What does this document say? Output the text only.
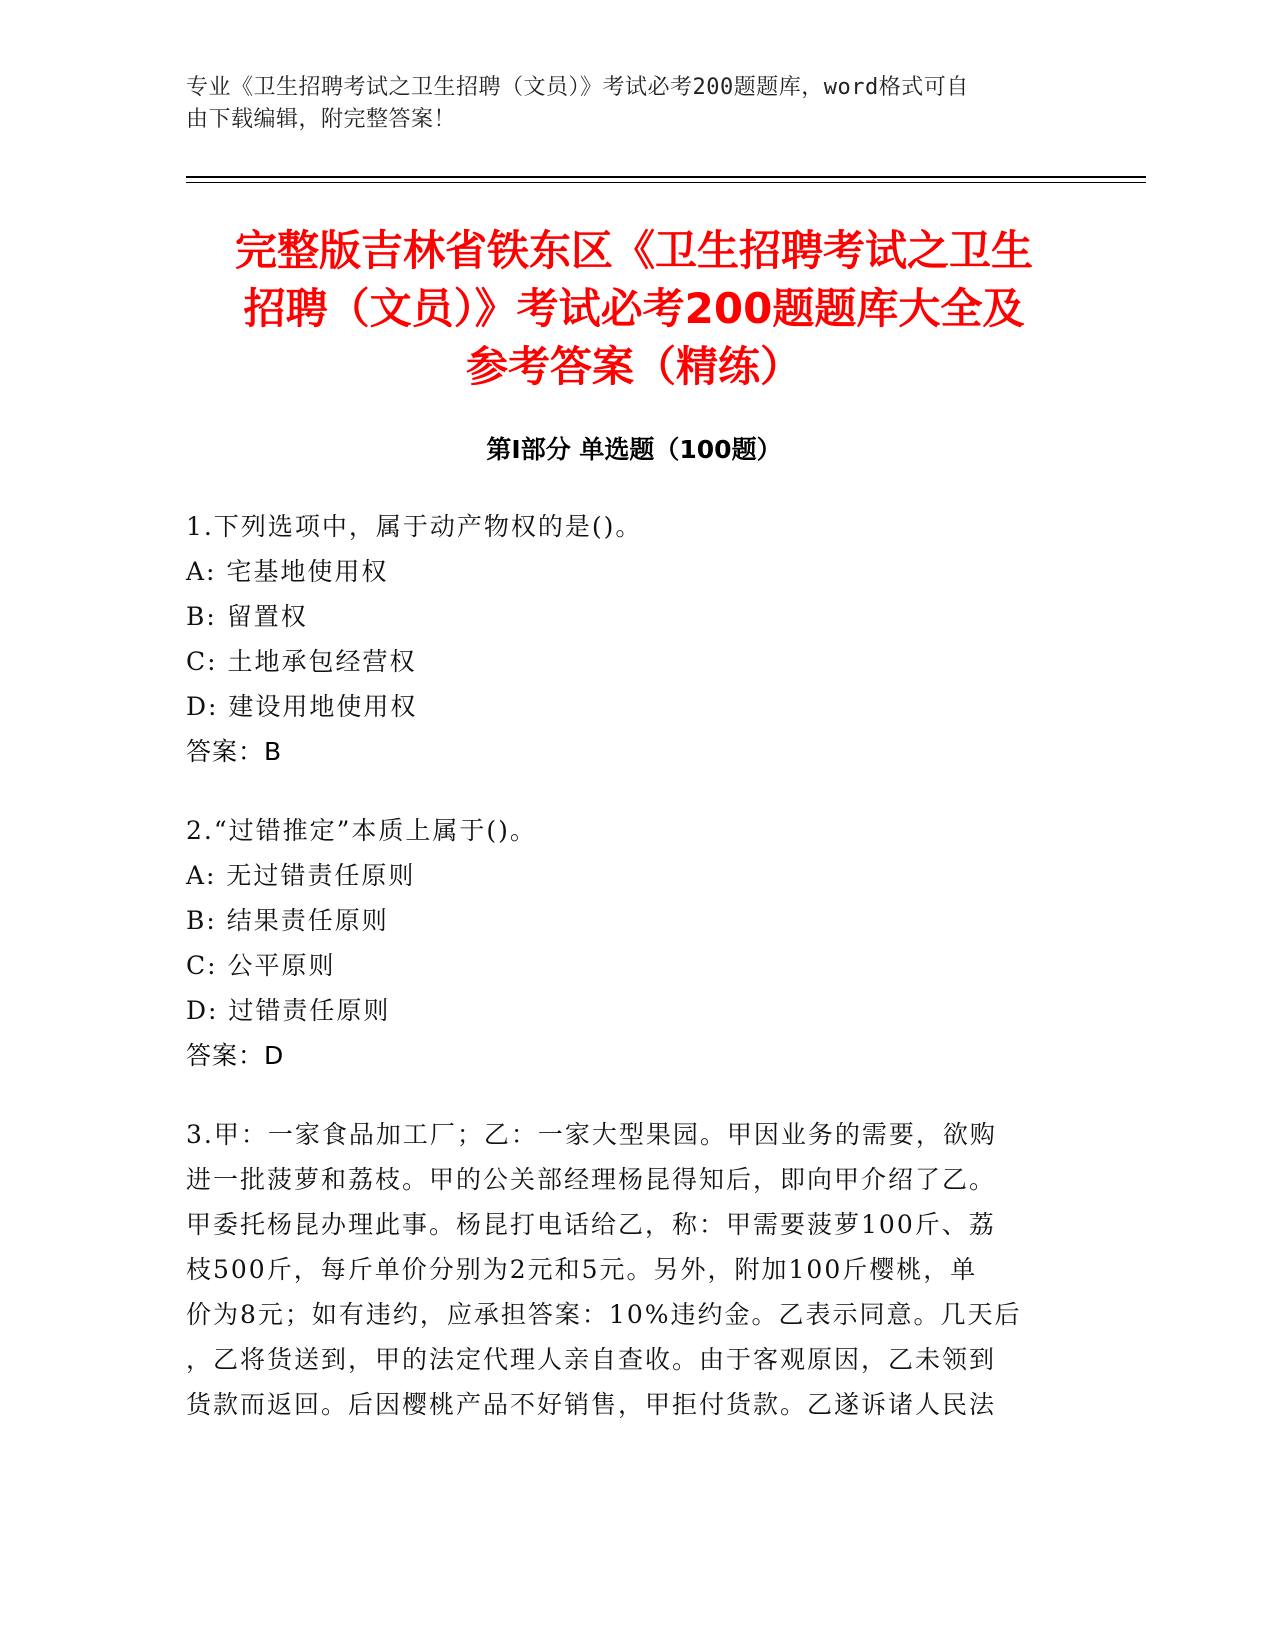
专业《卫生招聘考试之卫生招聘（文员）》考试必考200题题库，word格式可自
由下载编辑，附完整答案！
完整版吉林省铁东区《卫生招聘考试之卫生
招聘（文员）》考试必考200题题库大全及
参考答案（精练）
第Ⅰ部分 单选题（100题）
1.下列选项中，属于动产物权的是()。
A: 宅基地使用权
B: 留置权
C: 土地承包经营权
D: 建设用地使用权
答案：B
2.“过错推定”本质上属于()。
A: 无过错责任原则
B: 结果责任原则
C: 公平原则
D: 过错责任原则
答案：D
3.甲：一家食品加工厂；乙：一家大型果园。甲因业务的需要，欲购
进一批菠萝和荔枝。甲的公关部经理杨昆得知后，即向甲介绍了乙。
甲委托杨昆办理此事。杨昆打电话给乙，称：甲需要菠萝100斤、荔
枝500斤，每斤单价分别为2元和5元。另外，附加100斤樱桃，单
价为8元；如有违约，应承担答案：10%违约金。乙表示同意。几天后
，乙将货送到，甲的法定代理人亲自查收。由于客观原因，乙未领到
货款而返回。后因樱桃产品不好销售，甲拒付货款。乙遂诉诸人民法
